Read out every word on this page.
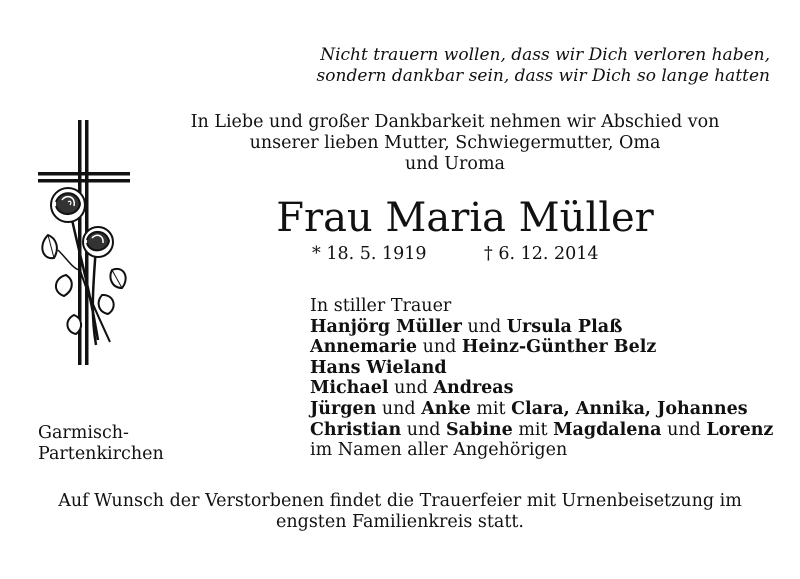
Nicht trauern wollen, dass wir Dich verloren haben,
sondern dankbar sein, dass wir Dich so lange hatten
In Liebe und großer Dankbarkeit nehmen wir Abschied von
unserer lieben Mutter, Schwiegermutter, Oma
und Uroma
Frau Maria Müller
* 18. 5. 1919	† 6. 12. 2014
In stiller Trauer
Hanjörg Müller und Ursula Plaß
Annemarie und Heinz-Günther Belz
Hans Wieland
Michael und Andreas
Jürgen und Anke mit Clara, Annika, Johannes
Christian und Sabine mit Magdalena und Lorenz
im Namen aller Angehörigen
Garmisch-
Partenkirchen
Auf Wunsch der Verstorbenen findet die Trauerfeier mit Urnenbeisetzung im
engsten Familienkreis statt.
